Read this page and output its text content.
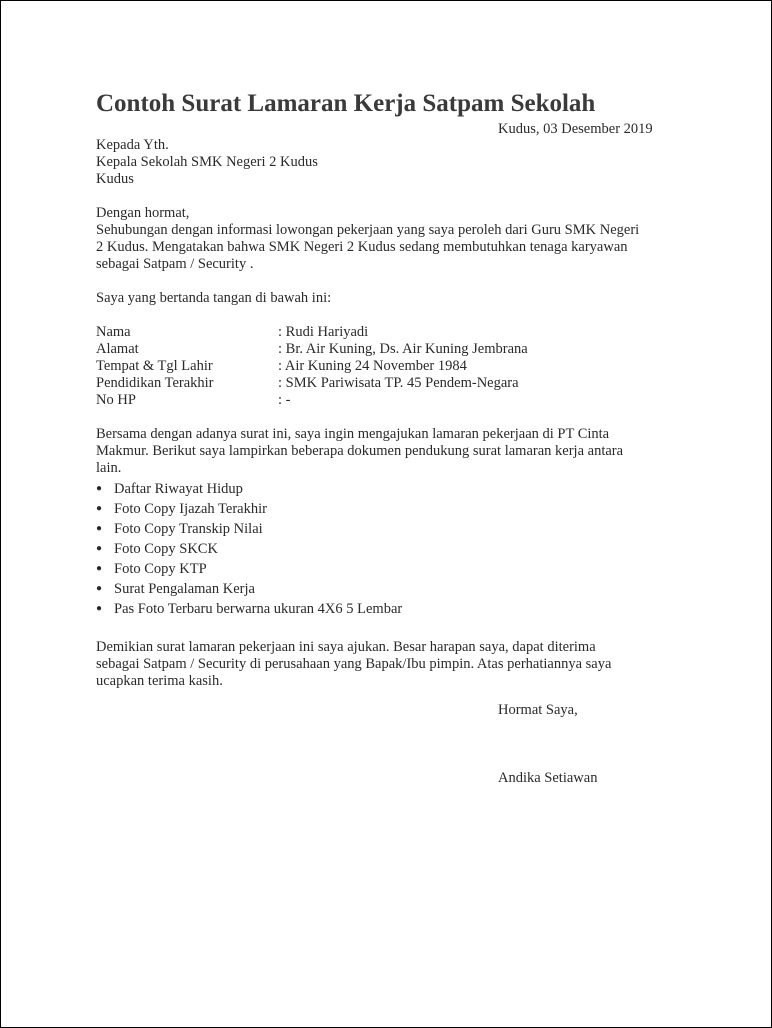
Contoh Surat Lamaran Kerja Satpam Sekolah
Kudus, 03 Desember 2019
Kepada Yth.
Kepala Sekolah SMK Negeri 2 Kudus
Kudus
Dengan hormat,
Sehubungan dengan informasi lowongan pekerjaan yang saya peroleh dari Guru SMK Negeri
2 Kudus. Mengatakan bahwa SMK Negeri 2 Kudus sedang membutuhkan tenaga karyawan
sebagai Satpam / Security .
Saya yang bertanda tangan di bawah ini:
Nama	: Rudi Hariyadi
Alamat	: Br. Air Kuning, Ds. Air Kuning Jembrana
Tempat & Tgl Lahir	: Air Kuning 24 November 1984
Pendidikan Terakhir	: SMK Pariwisata TP. 45 Pendem-Negara
No HP	: -
Bersama dengan adanya surat ini, saya ingin mengajukan lamaran pekerjaan di PT Cinta
Makmur. Berikut saya lampirkan beberapa dokumen pendukung surat lamaran kerja antara
lain.
● Daftar Riwayat Hidup
● Foto Copy Ijazah Terakhir
● Foto Copy Transkip Nilai
● Foto Copy SKCK
● Foto Copy KTP
● Surat Pengalaman Kerja
● Pas Foto Terbaru berwarna ukuran 4X6 5 Lembar
Demikian surat lamaran pekerjaan ini saya ajukan. Besar harapan saya, dapat diterima
sebagai Satpam / Security di perusahaan yang Bapak/Ibu pimpin. Atas perhatiannya saya
ucapkan terima kasih.
Hormat Saya,
Andika Setiawan
